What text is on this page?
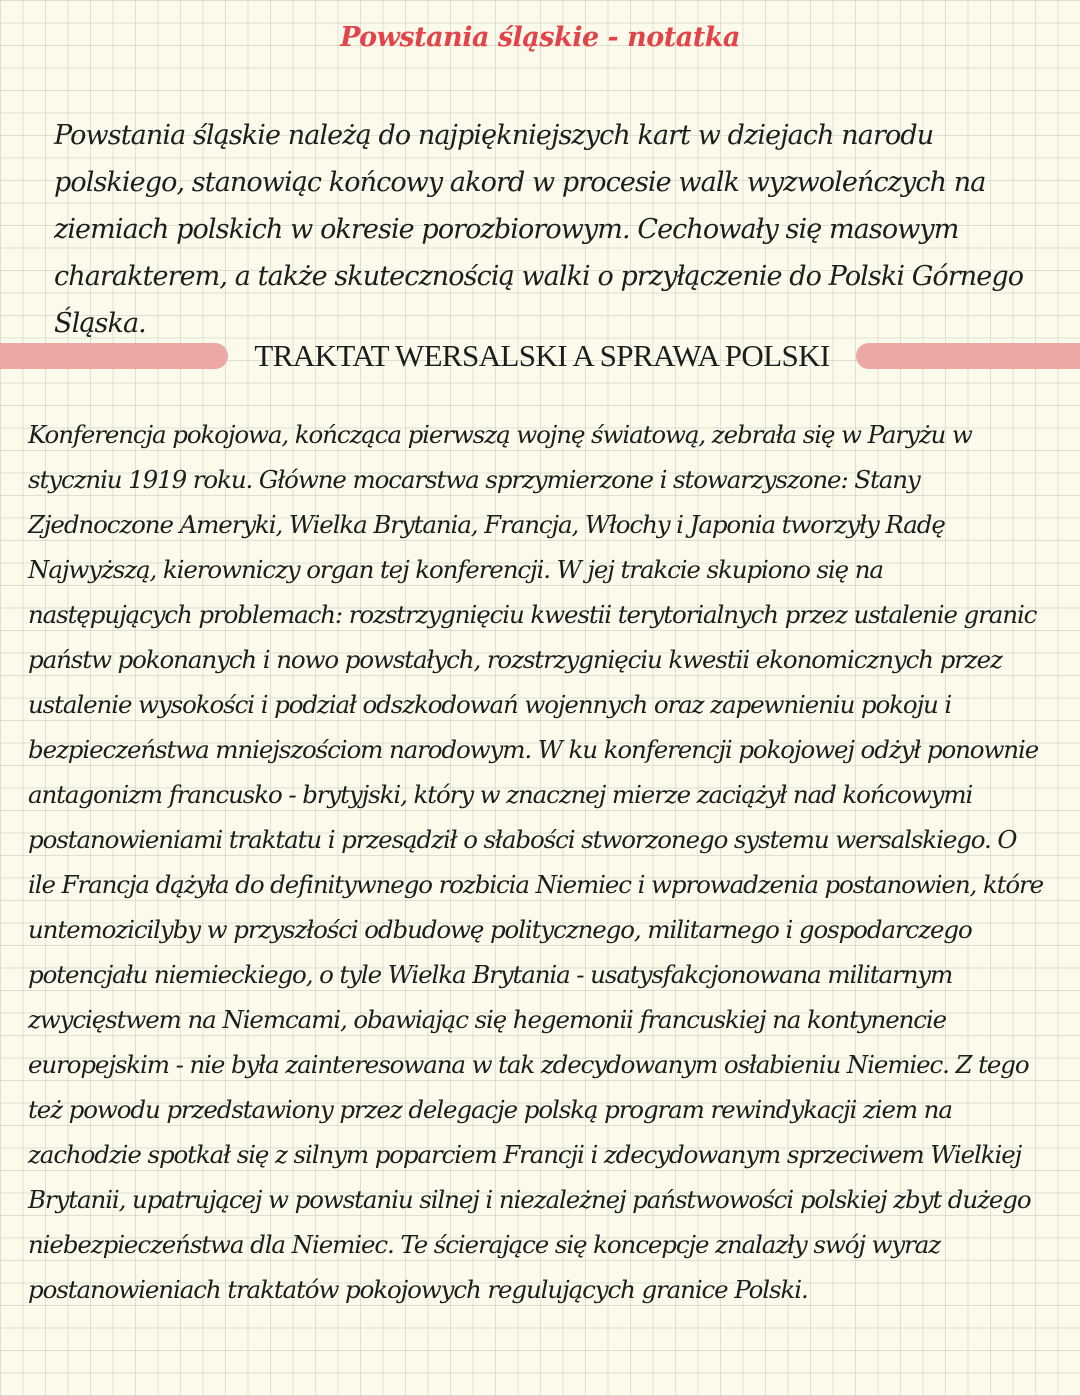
Powstania śląskie - notatka

Powstania śląskie należą do najpiękniejszych kart w dziejach narodu polskiego, stanowiąc końcowy akord w procesie walk wyzwoleńczych na ziemiach polskich w okresie porozbiorowym. Cechowały się masowym charakterem, a także skutecznością walki o przyłączenie do Polski Górnego Śląska.

TRAKTAT WERSALSKI A SPRAWA POLSKI

Konferencja pokojowa, kończąca pierwszą wojnę światową, zebrała się w Paryżu w styczniu 1919 roku. Główne mocarstwa sprzymierzone i stowarzyszone: Stany Zjednoczone Ameryki, Wielka Brytania, Francja, Włochy i Japonia tworzyły Radę Najwyższą, kierowniczy organ tej konferencji. W jej trakcie skupiono się na następujących problemach: rozstrzygnięciu kwestii terytorialnych przez ustalenie granic państw pokonanych i nowo powstałych, rozstrzygnięciu kwestii ekonomicznych przez ustalenie wysokości i podział odszkodowań wojennych oraz zapewnieniu pokoju i bezpieczeństwa mniejszościom narodowym. W ku konferencji pokojowej odżył ponownie antagonizm francusko - brytyjski, który w znacznej mierze zaciążył nad końcowymi postanowieniami traktatu i przesądził o słabości stworzonego systemu wersalskiego. O ile Francja dążyła do definitywnego rozbicia Niemiec i wprowadzenia postanowien, które untemozicilyby w przyszłości odbudowę politycznego, militarnego i gospodarczego potencjału niemieckiego, o tyle Wielka Brytania - usatysfakcjonowana militarnym zwycięstwem na Niemcami, obawiając się hegemonii francuskiej na kontynencie europejskim - nie była zainteresowana w tak zdecydowanym osłabieniu Niemiec. Z tego też powodu przedstawiony przez delegacje polską program rewindykacji ziem na zachodzie spotkał się z silnym poparciem Francji i zdecydowanym sprzeciwem Wielkiej Brytanii, upatrującej w powstaniu silnej i niezależnej państwowości polskiej zbyt dużego niebezpieczeństwa dla Niemiec. Te ścierające się koncepcje znalazły swój wyraz postanowieniach traktatów pokojowych regulujących granice Polski.
